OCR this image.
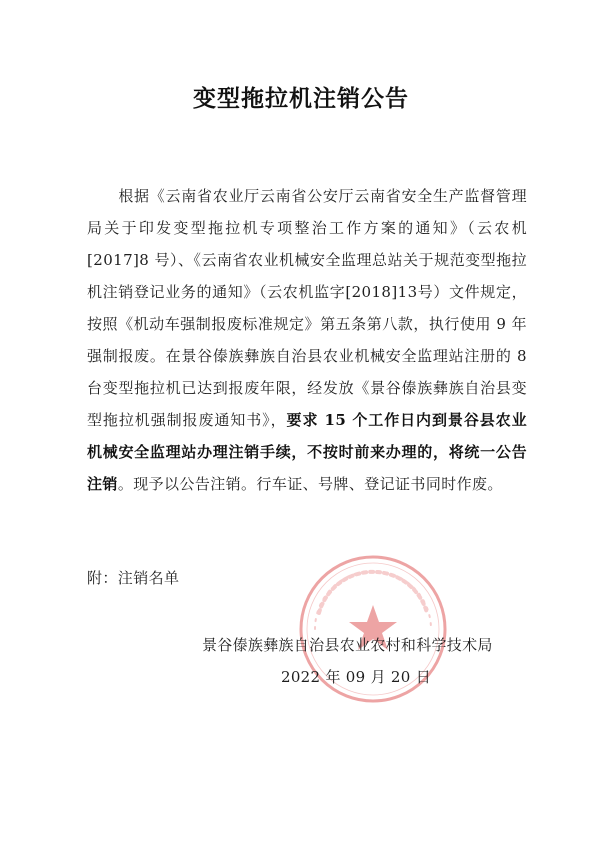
变型拖拉机注销公告
根据《云南省农业厅云南省公安厅云南省安全生产监督管理局关于印发变型拖拉机专项整治工作方案的通知》（云农机[2017]8 号）、《云南省农业机械安全监理总站关于规范变型拖拉机注销登记业务的通知》（云农机监字[2018]13号）文件规定，按照《机动车强制报废标准规定》第五条第八款，执行使用 9 年强制报废。在景谷傣族彝族自治县农业机械安全监理站注册的 8 台变型拖拉机已达到报废年限，经发放《景谷傣族彝族自治县变型拖拉机强制报废通知书》，要求 15 个工作日内到景谷县农业机械安全监理站办理注销手续，不按时前来办理的，将统一公告注销。现予以公告注销。行车证、号牌、登记证书同时作废。
附：注销名单
景谷傣族彝族自治县农业农村和科学技术局
2022 年 09 月 20 日
